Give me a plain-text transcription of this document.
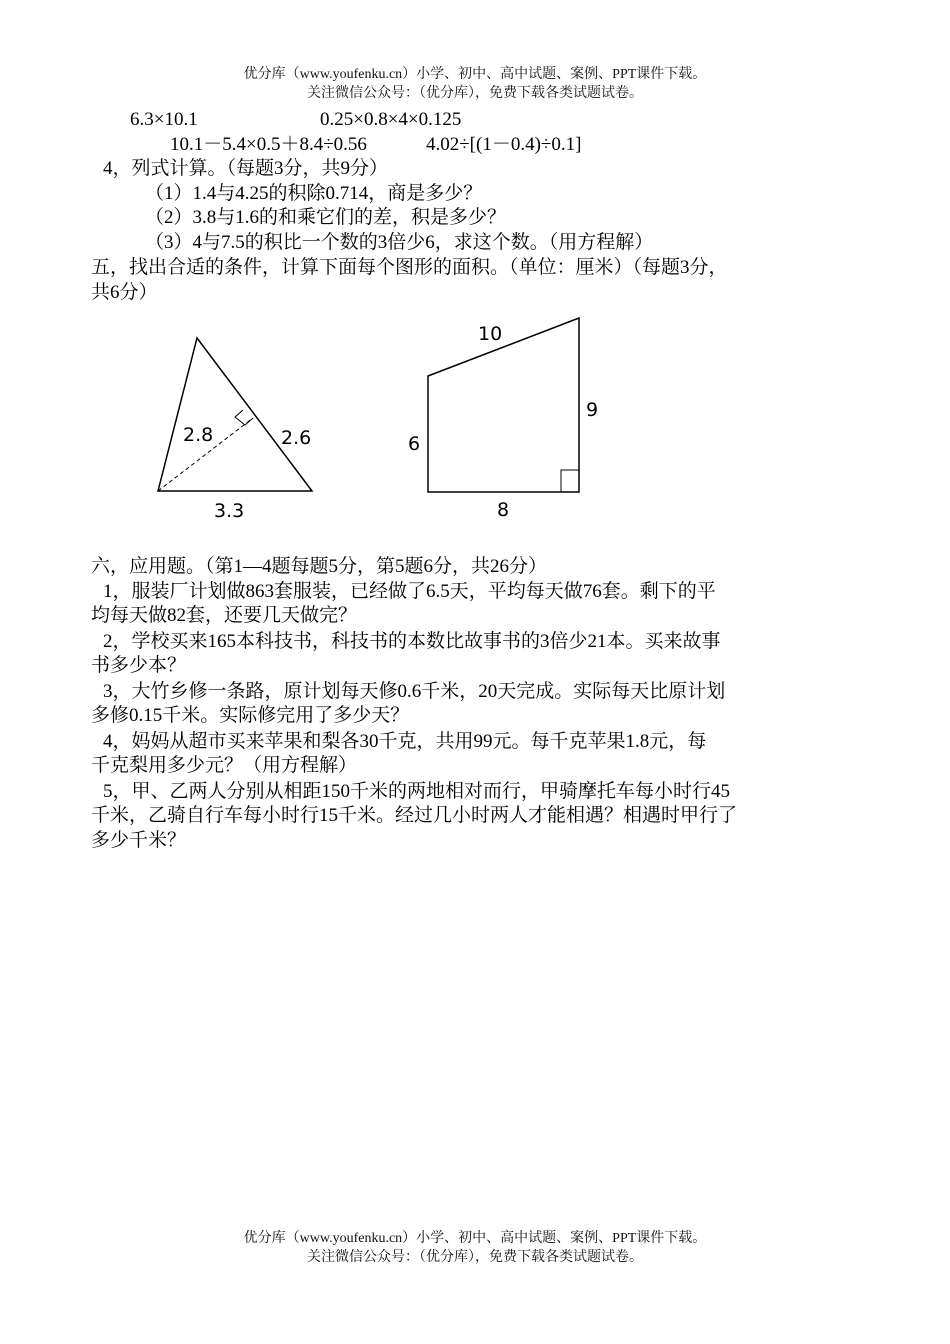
优分库（www.youfenku.cn）小学、初中、高中试题、案例、PPT课件下载。
关注微信公众号：（优分库），免费下载各类试题试卷。
6.3×10.1	0.25×0.8×4×0.125
10.1－5.4×0.5＋8.4÷0.56	4.02÷[(1－0.4)÷0.1]
4，列式计算。（每题3分，共9分）
（1）1.4与4.25的积除0.714，商是多少？
（2）3.8与1.6的和乘它们的差，积是多少？
（3）4与7.5的积比一个数的3倍少6，求这个数。（用方程解）
五，找出合适的条件，计算下面每个图形的面积。（单位：厘米）（每题3分，
共6分）
2.8	2.6
3.3
10
9
6
8
六，应用题。（第1—4题每题5分，第5题6分，共26分）
1，服装厂计划做863套服装，已经做了6.5天，平均每天做76套。剩下的平
均每天做82套，还要几天做完？
2，学校买来165本科技书，科技书的本数比故事书的3倍少21本。买来故事
书多少本？
3，大竹乡修一条路，原计划每天修0.6千米，20天完成。实际每天比原计划
多修0.15千米。实际修完用了多少天？
4，妈妈从超市买来苹果和梨各30千克，共用99元。每千克苹果1.8元，每
千克梨用多少元？（用方程解）
5，甲、乙两人分别从相距150千米的两地相对而行，甲骑摩托车每小时行45
千米，乙骑自行车每小时行15千米。经过几小时两人才能相遇？相遇时甲行了
多少千米？
优分库（www.youfenku.cn）小学、初中、高中试题、案例、PPT课件下载。
关注微信公众号：（优分库），免费下载各类试题试卷。
